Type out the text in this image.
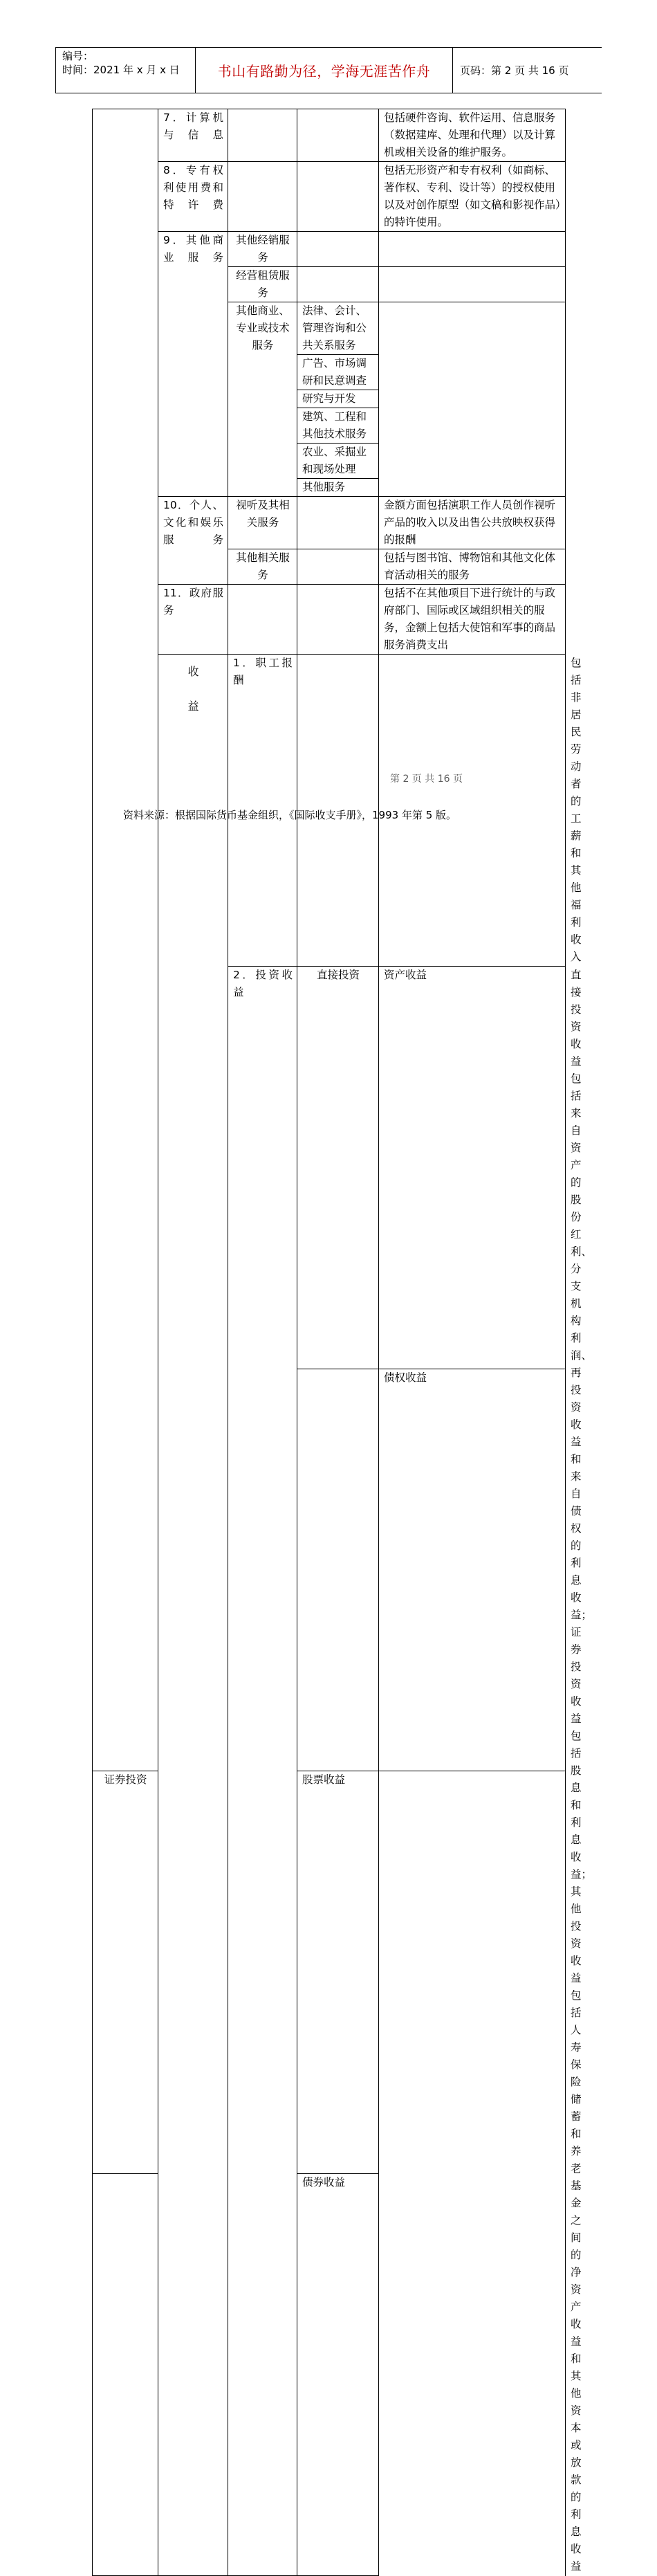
编号：
时间：2021 年 x 月 x 日	书山有路勤为径，学海无涯苦作舟	页码：第 2 页 共 16 页
	7．计算机与信息			包括硬件咨询、软件运用、信息服务（数据建库、处理和代理）以及计算机或相关设备的维护服务。	
	8．专有权利使用费和特许费			包括无形资产和专有权利（如商标、著作权、专利、设计等）的授权使用以及对创作原型（如文稿和影视作品）的特许使用。	
	9．其他商业服务	其他经销服务			
		经营租赁服务			
		其他商业、专业或技术服务	法律、会计、管理咨询和公共关系服务		
			广告、市场调研和民意调查		
			研究与开发		
			建筑、工程和其他技术服务		
			农业、采掘业和现场处理		
			其他服务		
	10．个人、文化和娱乐服务	视听及其相关服务		金额方面包括演职工作人员创作视听产品的收入以及出售公共放映权获得的报酬	
		其他相关服务		包括与图书馆、博物馆和其他文化体育活动相关的服务	
	11．政府服务			包括不在其他项目下进行统计的与政府部门、国际或区域组织相关的服务，金额上包括大使馆和军事的商品服务消费支出	

	收益	1．职工报酬			包括非居民劳动者的工薪和其他福利收入
		2．投资收益	直接投资	资产收益	直接投资收益包括来自资产的股份红利、分支机构利润、再投资收益和来自债权的利息收益；证券投资收益包括股息和利息收益；其他投资收益包括人寿保险储蓄和养老基金之间的净资产收益和其他资本或放款的利息收益
				债权收益	
证券投资			股票收益		
			债券收益		
第 2 页 共 16 页
资料来源：根据国际货币基金组织，《国际收支手册》，1993 年第 5 版。
